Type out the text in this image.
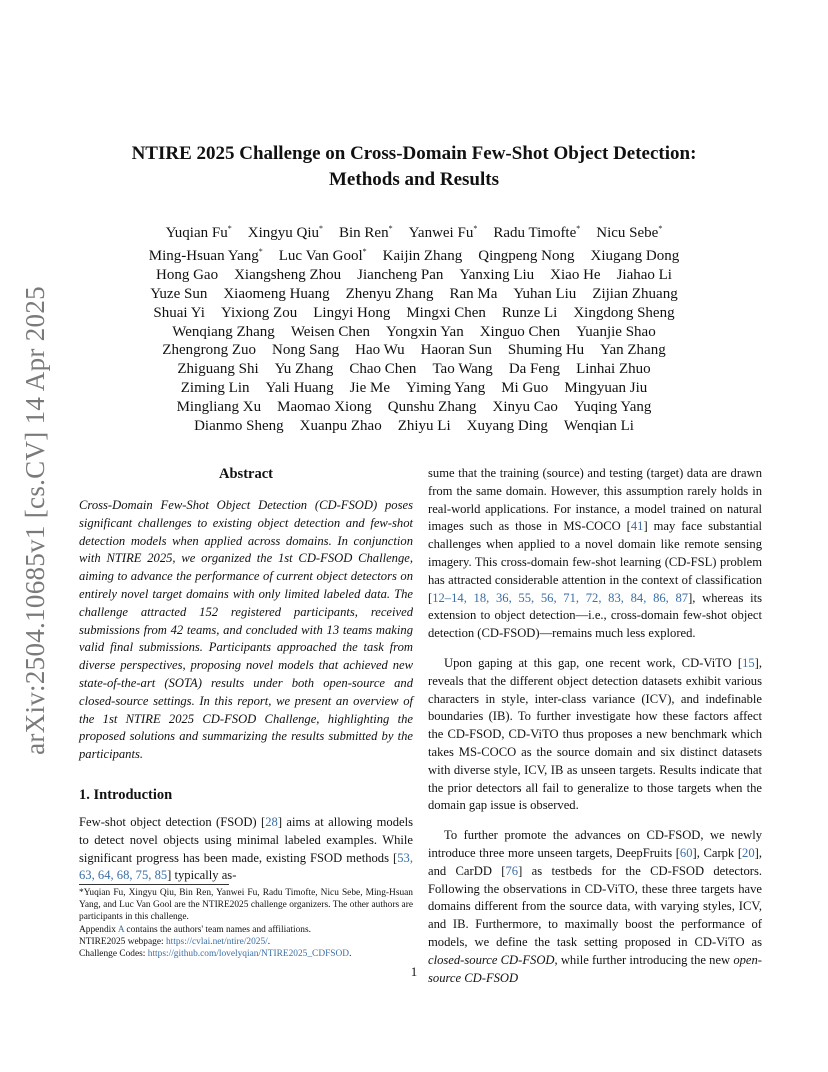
arXiv:2504.10685v1 [cs.CV] 14 Apr 2025
NTIRE 2025 Challenge on Cross-Domain Few-Shot Object Detection:
Methods and Results
Yuqian Fu* Xingyu Qiu* Bin Ren* Yanwei Fu* Radu Timofte* Nicu Sebe*
Ming-Hsuan Yang* Luc Van Gool* Kaijin Zhang Qingpeng Nong Xiugang Dong
Hong Gao Xiangsheng Zhou Jiancheng Pan Yanxing Liu Xiao He Jiahao Li
Yuze Sun Xiaomeng Huang Zhenyu Zhang Ran Ma Yuhan Liu Zijian Zhuang
Shuai Yi Yixiong Zou Lingyi Hong Mingxi Chen Runze Li Xingdong Sheng
Wenqiang Zhang Weisen Chen Yongxin Yan Xinguo Chen Yuanjie Shao
Zhengrong Zuo Nong Sang Hao Wu Haoran Sun Shuming Hu Yan Zhang
Zhiguang Shi Yu Zhang Chao Chen Tao Wang Da Feng Linhai Zhuo
Ziming Lin Yali Huang Jie Me Yiming Yang Mi Guo Mingyuan Jiu
Mingliang Xu Maomao Xiong Qunshu Zhang Xinyu Cao Yuqing Yang
Dianmo Sheng Xuanpu Zhao Zhiyu Li Xuyang Ding Wenqian Li
Abstract

Cross-Domain Few-Shot Object Detection (CD-FSOD) poses significant challenges to existing object detection and few-shot detection models when applied across domains. In conjunction with NTIRE 2025, we organized the 1st CD-FSOD Challenge, aiming to advance the performance of current object detectors on entirely novel target domains with only limited labeled data. The challenge attracted 152 registered participants, received submissions from 42 teams, and concluded with 13 teams making valid final submissions. Participants approached the task from diverse perspectives, proposing novel models that achieved new state-of-the-art (SOTA) results under both open-source and closed-source settings. In this report, we present an overview of the 1st NTIRE 2025 CD-FSOD Challenge, highlighting the proposed solutions and summarizing the results submitted by the participants.

1. Introduction

Few-shot object detection (FSOD) [28] aims at allowing models to detect novel objects using minimal labeled examples. While significant progress has been made, existing FSOD methods [53, 63, 64, 68, 75, 85] typically as-

*Yuqian Fu, Xingyu Qiu, Bin Ren, Yanwei Fu, Radu Timofte, Nicu Sebe, Ming-Hsuan Yang, and Luc Van Gool are the NTIRE2025 challenge organizers. The other authors are participants in this challenge.

Appendix A contains the authors' team names and affiliations.

NTIRE2025 webpage: https://cvlai.net/ntire/2025/.

Challenge Codes: https://github.com/lovelyqian/NTIRE2025_CDFSOD.

sume that the training (source) and testing (target) data are drawn from the same domain. However, this assumption rarely holds in real-world applications. For instance, a model trained on natural images such as those in MS-COCO [41] may face substantial challenges when applied to a novel domain like remote sensing imagery. This cross-domain few-shot learning (CD-FSL) problem has attracted considerable attention in the context of classification [12–14, 18, 36, 55, 56, 71, 72, 83, 84, 86, 87], whereas its extension to object detection—i.e., cross-domain few-shot object detection (CD-FSOD)—remains much less explored.

Upon gaping at this gap, one recent work, CD-ViTO [15], reveals that the different object detection datasets exhibit various characters in style, inter-class variance (ICV), and indefinable boundaries (IB). To further investigate how these factors affect the CD-FSOD, CD-ViTO thus proposes a new benchmark which takes MS-COCO as the source domain and six distinct datasets with diverse style, ICV, IB as unseen targets. Results indicate that the prior detectors all fail to generalize to those targets when the domain gap issue is observed.

To further promote the advances on CD-FSOD, we newly introduce three more unseen targets, DeepFruits [60], Carpk [20], and CarDD [76] as testbeds for the CD-FSOD detectors. Following the observations in CD-ViTO, these three targets have domains different from the source data, with varying styles, ICV, and IB. Furthermore, to maximally boost the performance of models, we define the task setting proposed in CD-ViTO as closed-source CD-FSOD, while further introducing the new open-source CD-FSOD

1
